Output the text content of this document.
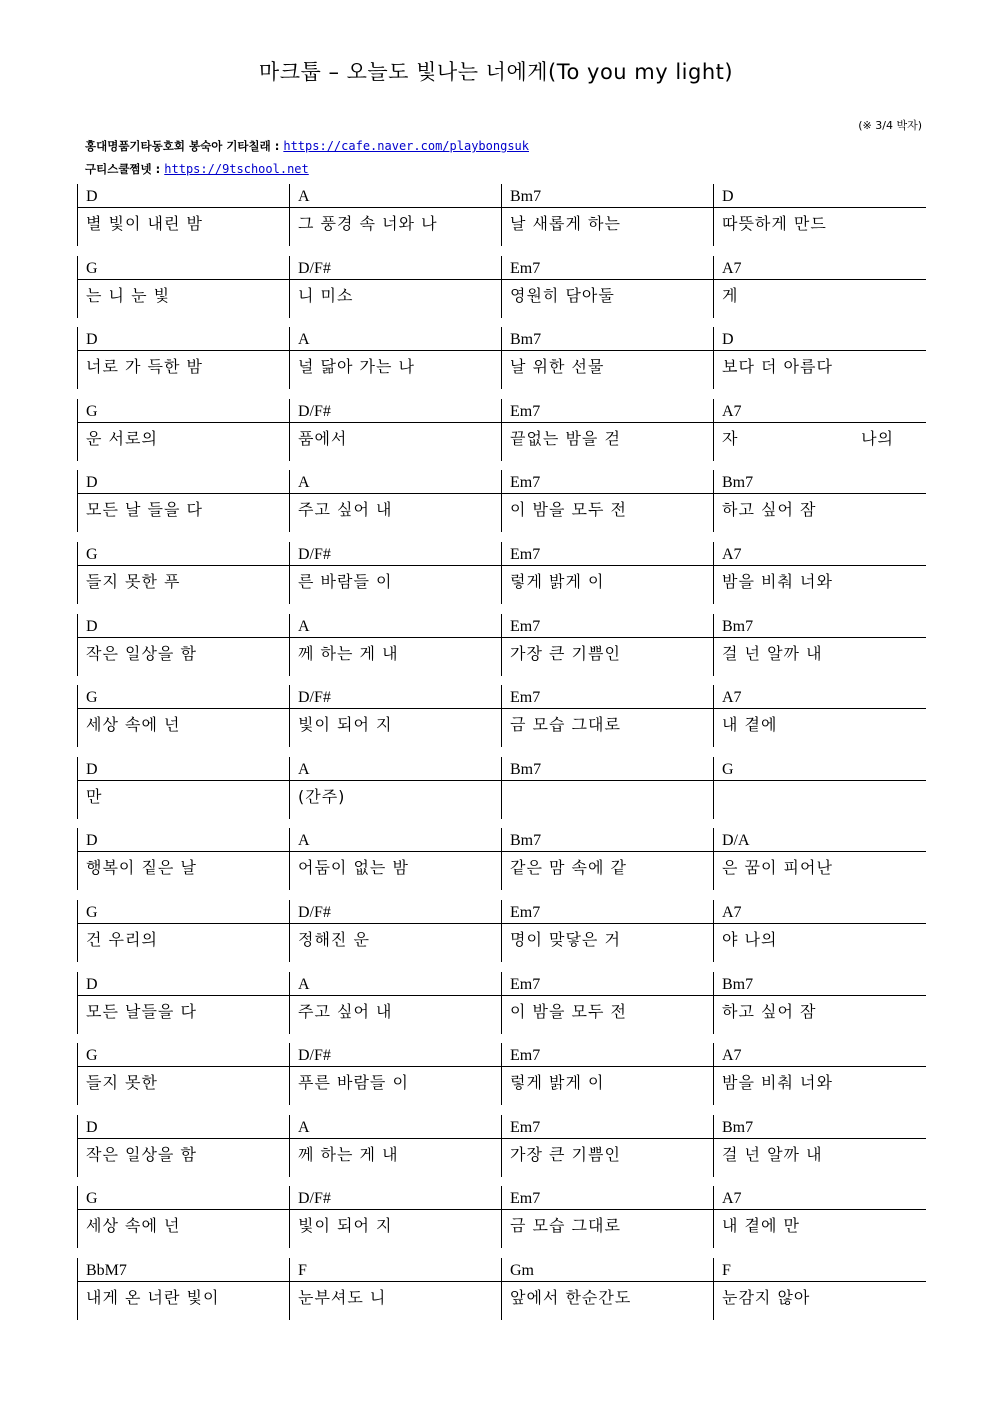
마크툽 – 오늘도 빛나는 너에게(To you my light)
(※ 3/4 박자)
홍대명품기타동호회 봉숙아 기타칠래 : https://cafe.naver.com/playbongsuk
구티스쿨쩜넷 : https://9tschool.net
D
별 빛이 내린 밤
A
그 풍경 속 너와 나
Bm7
날 새롭게 하는
D
따뜻하게 만드
G
는 니 눈 빛
D/F#
니 미소
Em7
영원히 담아둘
A7
게
D
너로 가 득한 밤
A
널 닮아 가는 나
Bm7
날 위한 선물
D
보다 더 아름다
G
운 서로의
D/F#
품에서
Em7
끝없는 밤을 걷
A7
자	나의
D
모든 날 들을 다
A
주고 싶어 내
Em7
이 밤을 모두 전
Bm7
하고 싶어 잠
G
들지 못한 푸
D/F#
른 바람들 이
Em7
렇게 밝게 이
A7
밤을 비춰 너와
D
작은 일상을 함
A
께 하는 게 내
Em7
가장 큰 기쁨인
Bm7
걸 넌 알까 내
G
세상 속에 넌
D/F#
빛이 되어 지
Em7
금 모습 그대로
A7
내 곁에
D
만
A
(간주)
Bm7	G
D
행복이 짙은 날
A
어둠이 없는 밤
Bm7
같은 맘 속에 같
D/A
은 꿈이 피어난
G
건 우리의
D/F#
정해진 운
Em7
명이 맞닿은 거
A7
야 나의
D
모든 날들을 다
A
주고 싶어 내
Em7
이 밤을 모두 전
Bm7
하고 싶어 잠
G
들지 못한
D/F#
푸른 바람들 이
Em7
렇게 밝게 이
A7
밤을 비춰 너와
D
작은 일상을 함
A
께 하는 게 내
Em7
가장 큰 기쁨인
Bm7
걸 넌 알까 내
G
세상 속에 넌
D/F#
빛이 되어 지
Em7
금 모습 그대로
A7
내 곁에 만
BbM7
내게 온 너란 빛이
F
눈부셔도 니
Gm
앞에서 한순간도
F
눈감지 않아
